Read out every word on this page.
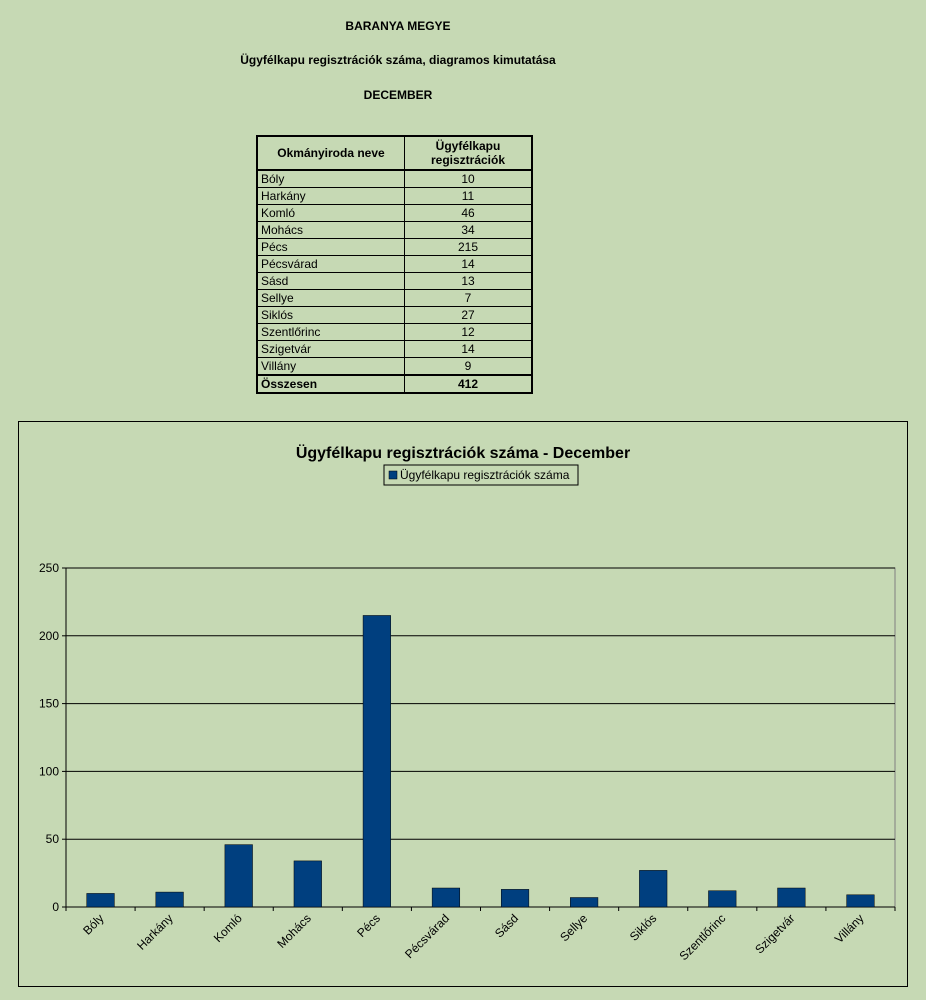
BARANYA MEGYE
Ügyfélkapu regisztrációk száma, diagramos kimutatása
DECEMBER
Okmányiroda neve	Ügyfélkapu regisztrációk
Bóly	10
Harkány	11
Komló	46
Mohács	34
Pécs	215
Pécsvárad	14
Sásd	13
Sellye	7
Siklós	27
Szentlőrinc	12
Szigetvár	14
Villány	9
Összesen	412
Ügyfélkapu regisztrációk száma - December
Ügyfélkapu regisztrációk száma
0
50
100
150
200
250
Bóly Harkány	Komló Mohács	Pécs Pécsvárad	Sásd	Sellye	Siklós Szentlőrinc Szigetvár	Villány
